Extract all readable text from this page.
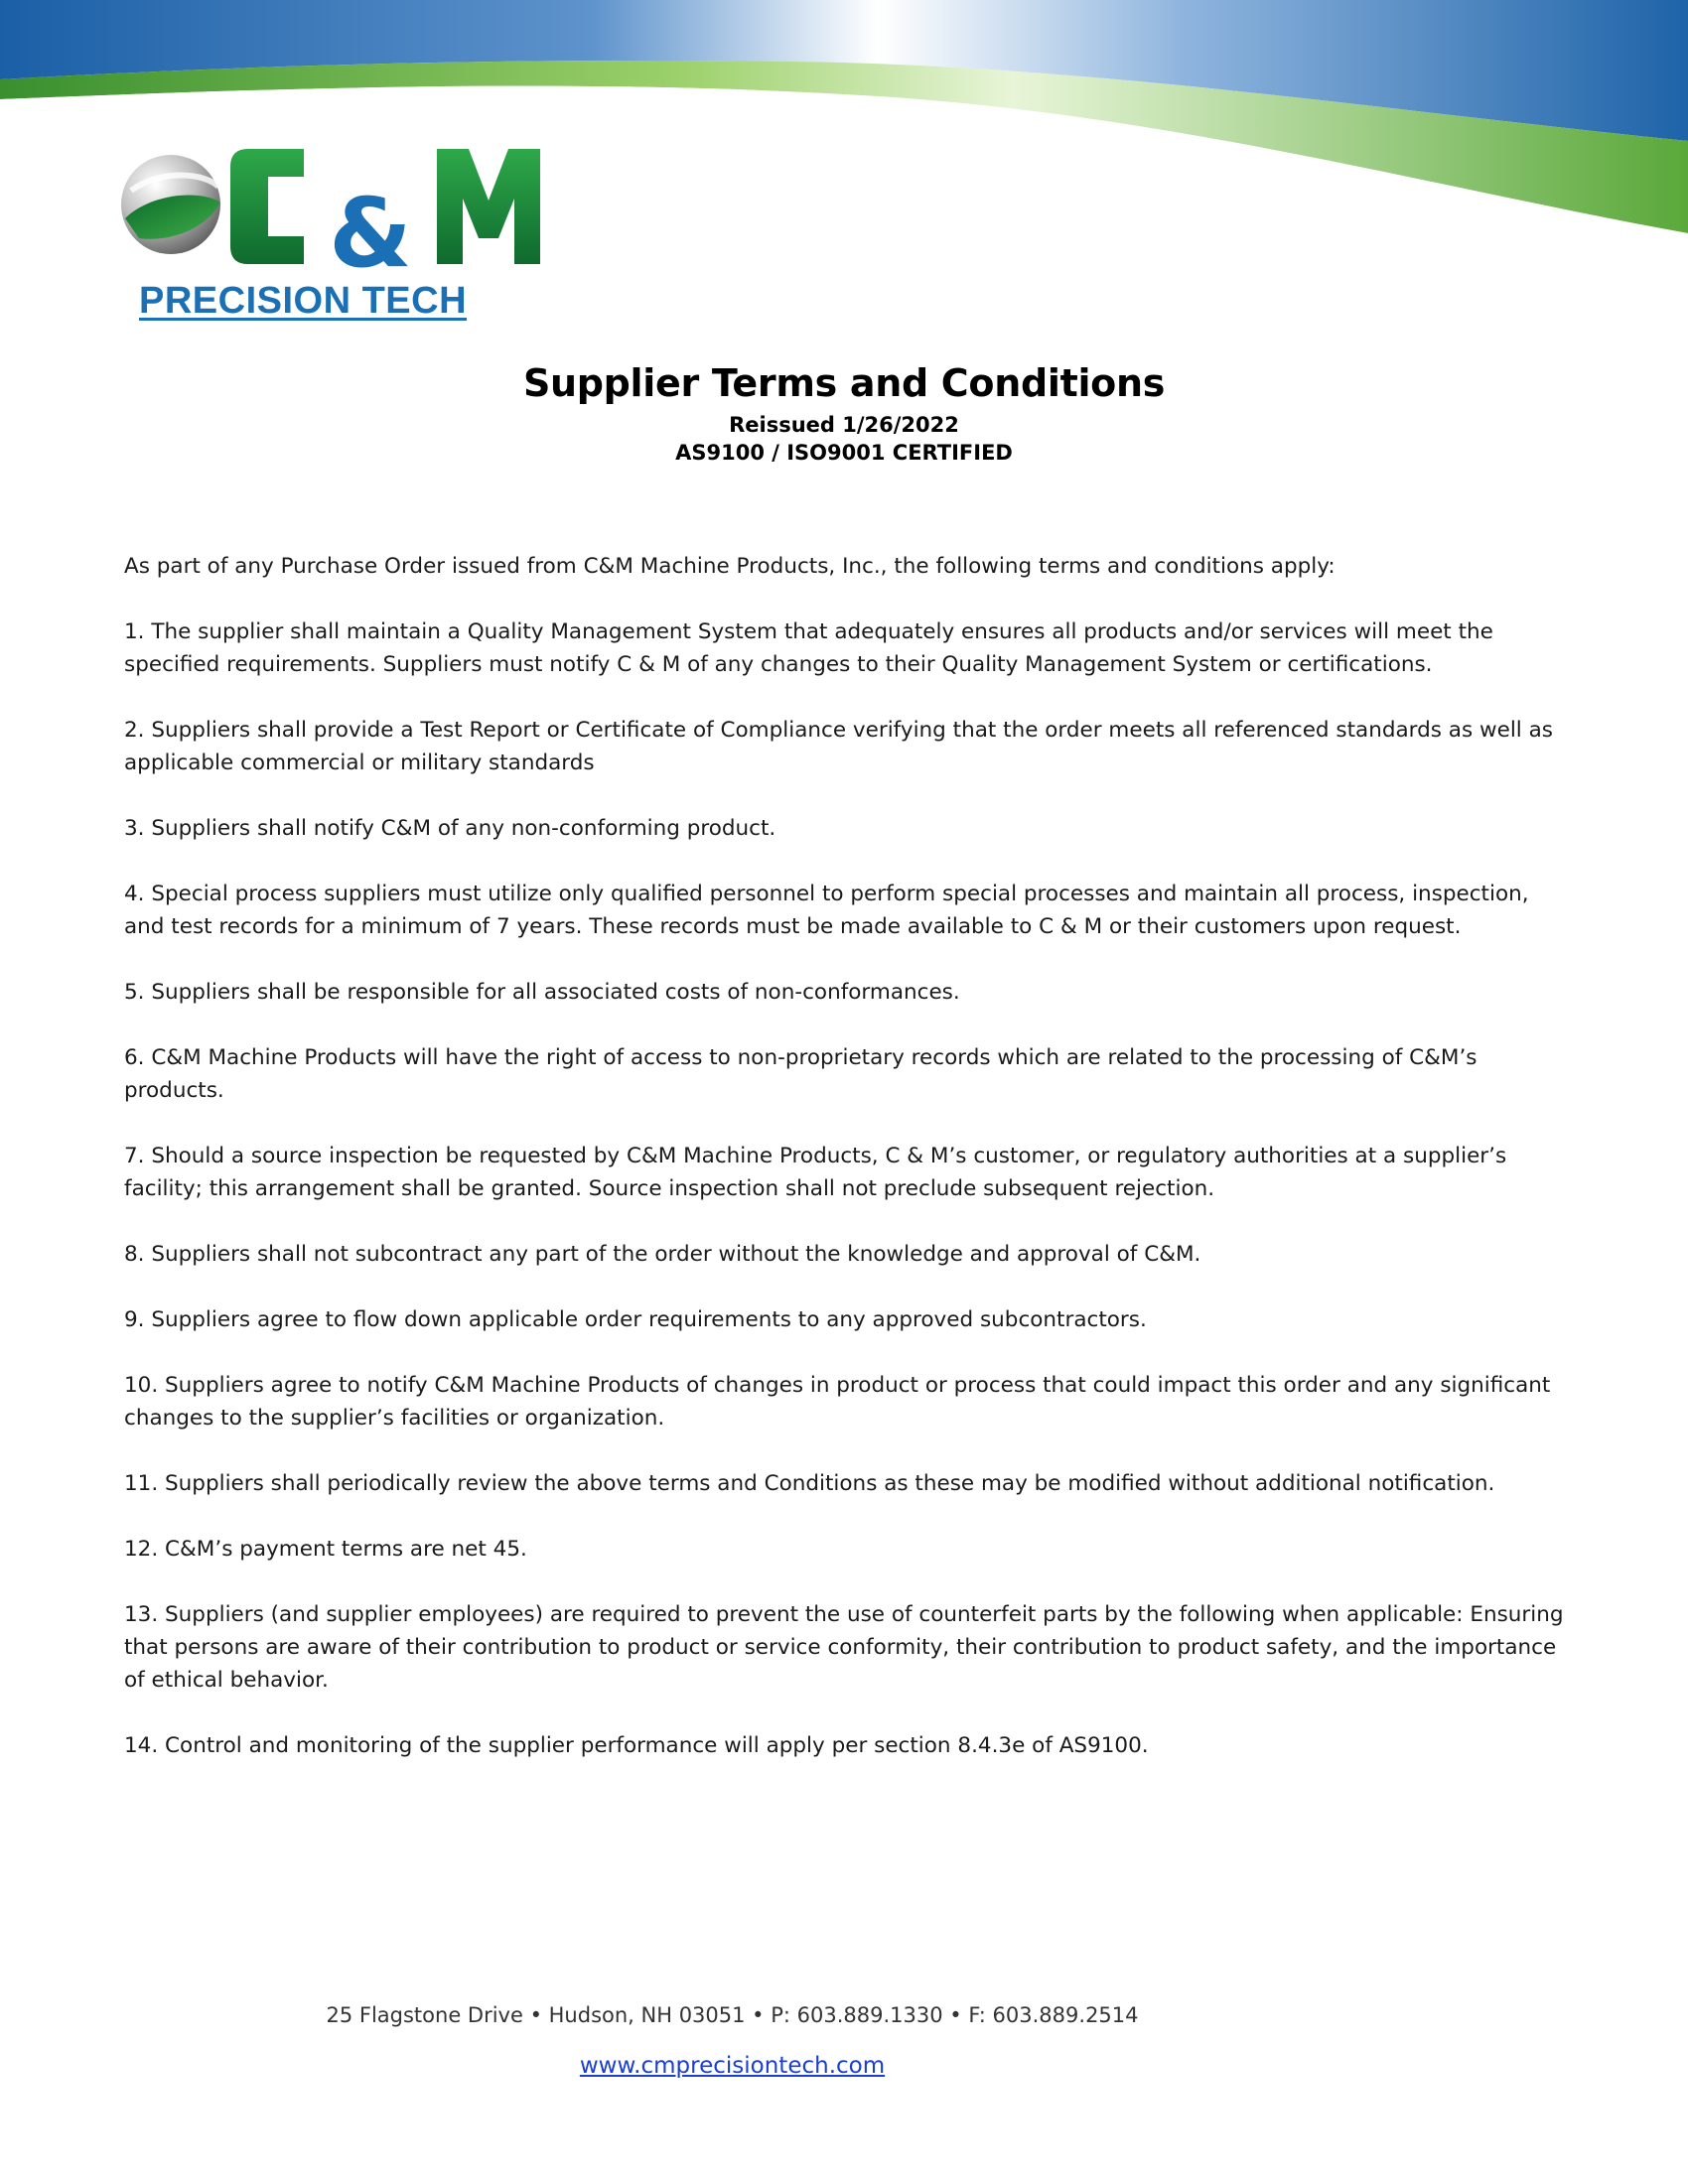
&
PRECISION TECH
Supplier Terms and Conditions
Reissued 1/26/2022
AS9100 / ISO9001 CERTIFIED

As part of any Purchase Order issued from C&M Machine Products, Inc., the following terms and conditions apply:

1. The supplier shall maintain a Quality Management System that adequately ensures all products and/or services will meet the specified requirements. Suppliers must notify C & M of any changes to their Quality Management System or certifications.

2. Suppliers shall provide a Test Report or Certificate of Compliance verifying that the order meets all referenced standards as well as applicable commercial or military standards

3. Suppliers shall notify C&M of any non-conforming product.

4. Special process suppliers must utilize only qualified personnel to perform special processes and maintain all process, inspection, and test records for a minimum of 7 years. These records must be made available to C & M or their customers upon request.

5. Suppliers shall be responsible for all associated costs of non-conformances.

6. C&M Machine Products will have the right of access to non-proprietary records which are related to the processing of C&M’s products.

7. Should a source inspection be requested by C&M Machine Products, C & M’s customer, or regulatory authorities at a supplier’s facility; this arrangement shall be granted. Source inspection shall not preclude subsequent rejection.

8. Suppliers shall not subcontract any part of the order without the knowledge and approval of C&M.

9. Suppliers agree to flow down applicable order requirements to any approved subcontractors.

10. Suppliers agree to notify C&M Machine Products of changes in product or process that could impact this order and any significant changes to the supplier’s facilities or organization.

11. Suppliers shall periodically review the above terms and Conditions as these may be modified without additional notification.

12. C&M’s payment terms are net 45.

13. Suppliers (and supplier employees) are required to prevent the use of counterfeit parts by the following when applicable: Ensuring that persons are aware of their contribution to product or service conformity, their contribution to product safety, and the importance of ethical behavior.

14. Control and monitoring of the supplier performance will apply per section 8.4.3e of AS9100.

25 Flagstone Drive • Hudson, NH 03051 • P: 603.889.1330 • F: 603.889.2514
www.cmprecisiontech.com
